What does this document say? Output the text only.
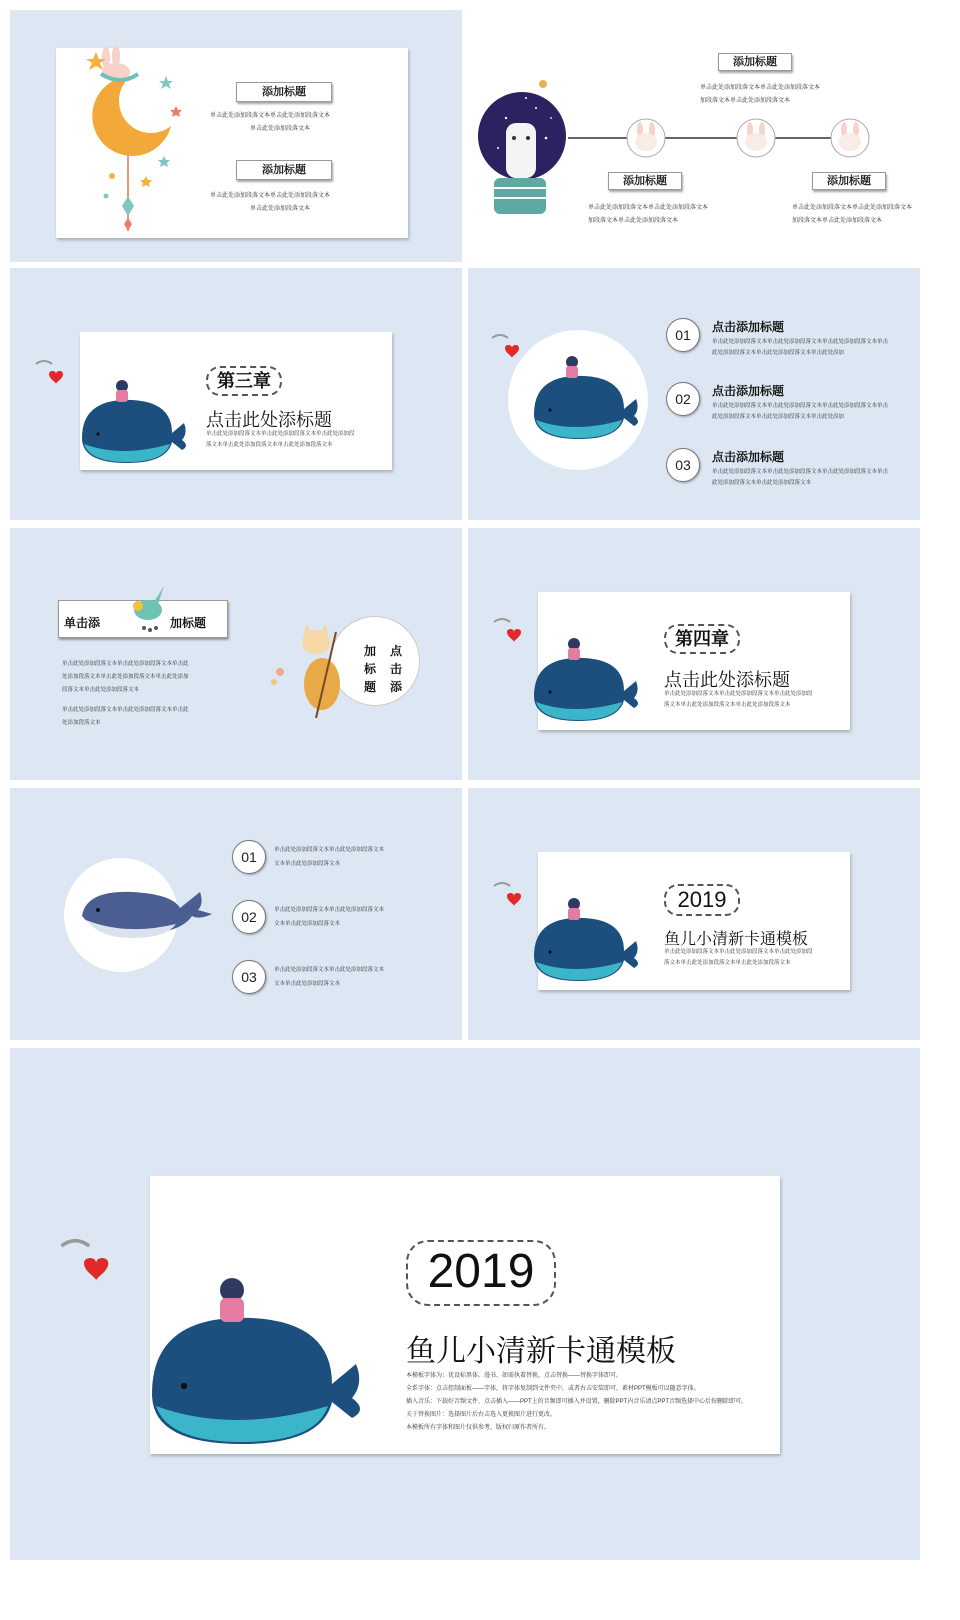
添加标题
单击此处添加段落文本单击此处添加段落文本
单击此处添加段落文本
添加标题
单击此处添加段落文本单击此处添加段落文本
单击此处添加段落文本
添加标题
单击此处添加段落文本单击此处添加段落文本
加段落文本单击此处添加段落文本
添加标题
单击此处添加段落文本单击此处添加段落文本
加段落文本单击此处添加段落文本
添加标题
单击此处添加段落文本单击此处添加段落文本
加段落文本单击此处添加段落文本
第三章
点击此处添标题
单击此处添加段落文本单击此处添加段落文本单击此处添加段
落文本单击此处添加段落文本单击此处添加段落文本
01	点击添加标题
单击此处添加段落文本单击此处添加段落文本单击此处添加段落文本单击
此处添加段落文本单击此处添加段落文本单击此处添加
02	点击添加标题
单击此处添加段落文本单击此处添加段落文本单击此处添加段落文本单击
此处添加段落文本单击此处添加段落文本单击此处添加
03	点击添加标题
单击此处添加段落文本单击此处添加段落文本单击此处添加段落文本单击
此处添加段落文本单击此处添加段落文本
单击添	加标题
单击此处添加段落文本单击此处添加段落文本单击此
处添加段落文本单击此处添加段落文本单击此处添加
段落文本单击此处添加段落文本
单击此处添加段落文本单击此处添加段落文本单击此
处添加段落文本
加
标
题
点
击
添
第四章
点击此处添标题
单击此处添加段落文本单击此处添加段落文本单击此处添加段
落文本单击此处添加段落文本单击此处添加段落文本
01	单击此处添加段落文本单击此处添加段落文本
文本单击此处添加段落文本
02	单击此处添加段落文本单击此处添加段落文本
文本单击此处添加段落文本
03	单击此处添加段落文本单击此处添加段落文本
文本单击此处添加段落文本
2019
鱼儿小清新卡通模板
单击此处添加段落文本单击此处添加段落文本单击此处添加段
落文本单击此处添加段落文本单击此处添加段落文本
2019
鱼儿小清新卡通模板
本模板字体为：优设标黑体、漫书、如需执着替换，点击替换——替换字体即可。
全系字体：点击控制面板——字体，将字体复制到文件夹中，或者右击安装即可，素材PPT模板可以随意字体。
插入音乐：下载好音频文件，点击插入——PPT上的音频即可插入并设置，删除PPT内音乐请点PPT音频选择中心后按删除即可。
关于替换图片：选择图片后右击选入更换图片进行更改。
本模板所有字体和图片仅供参考，版权归原作者所有。
